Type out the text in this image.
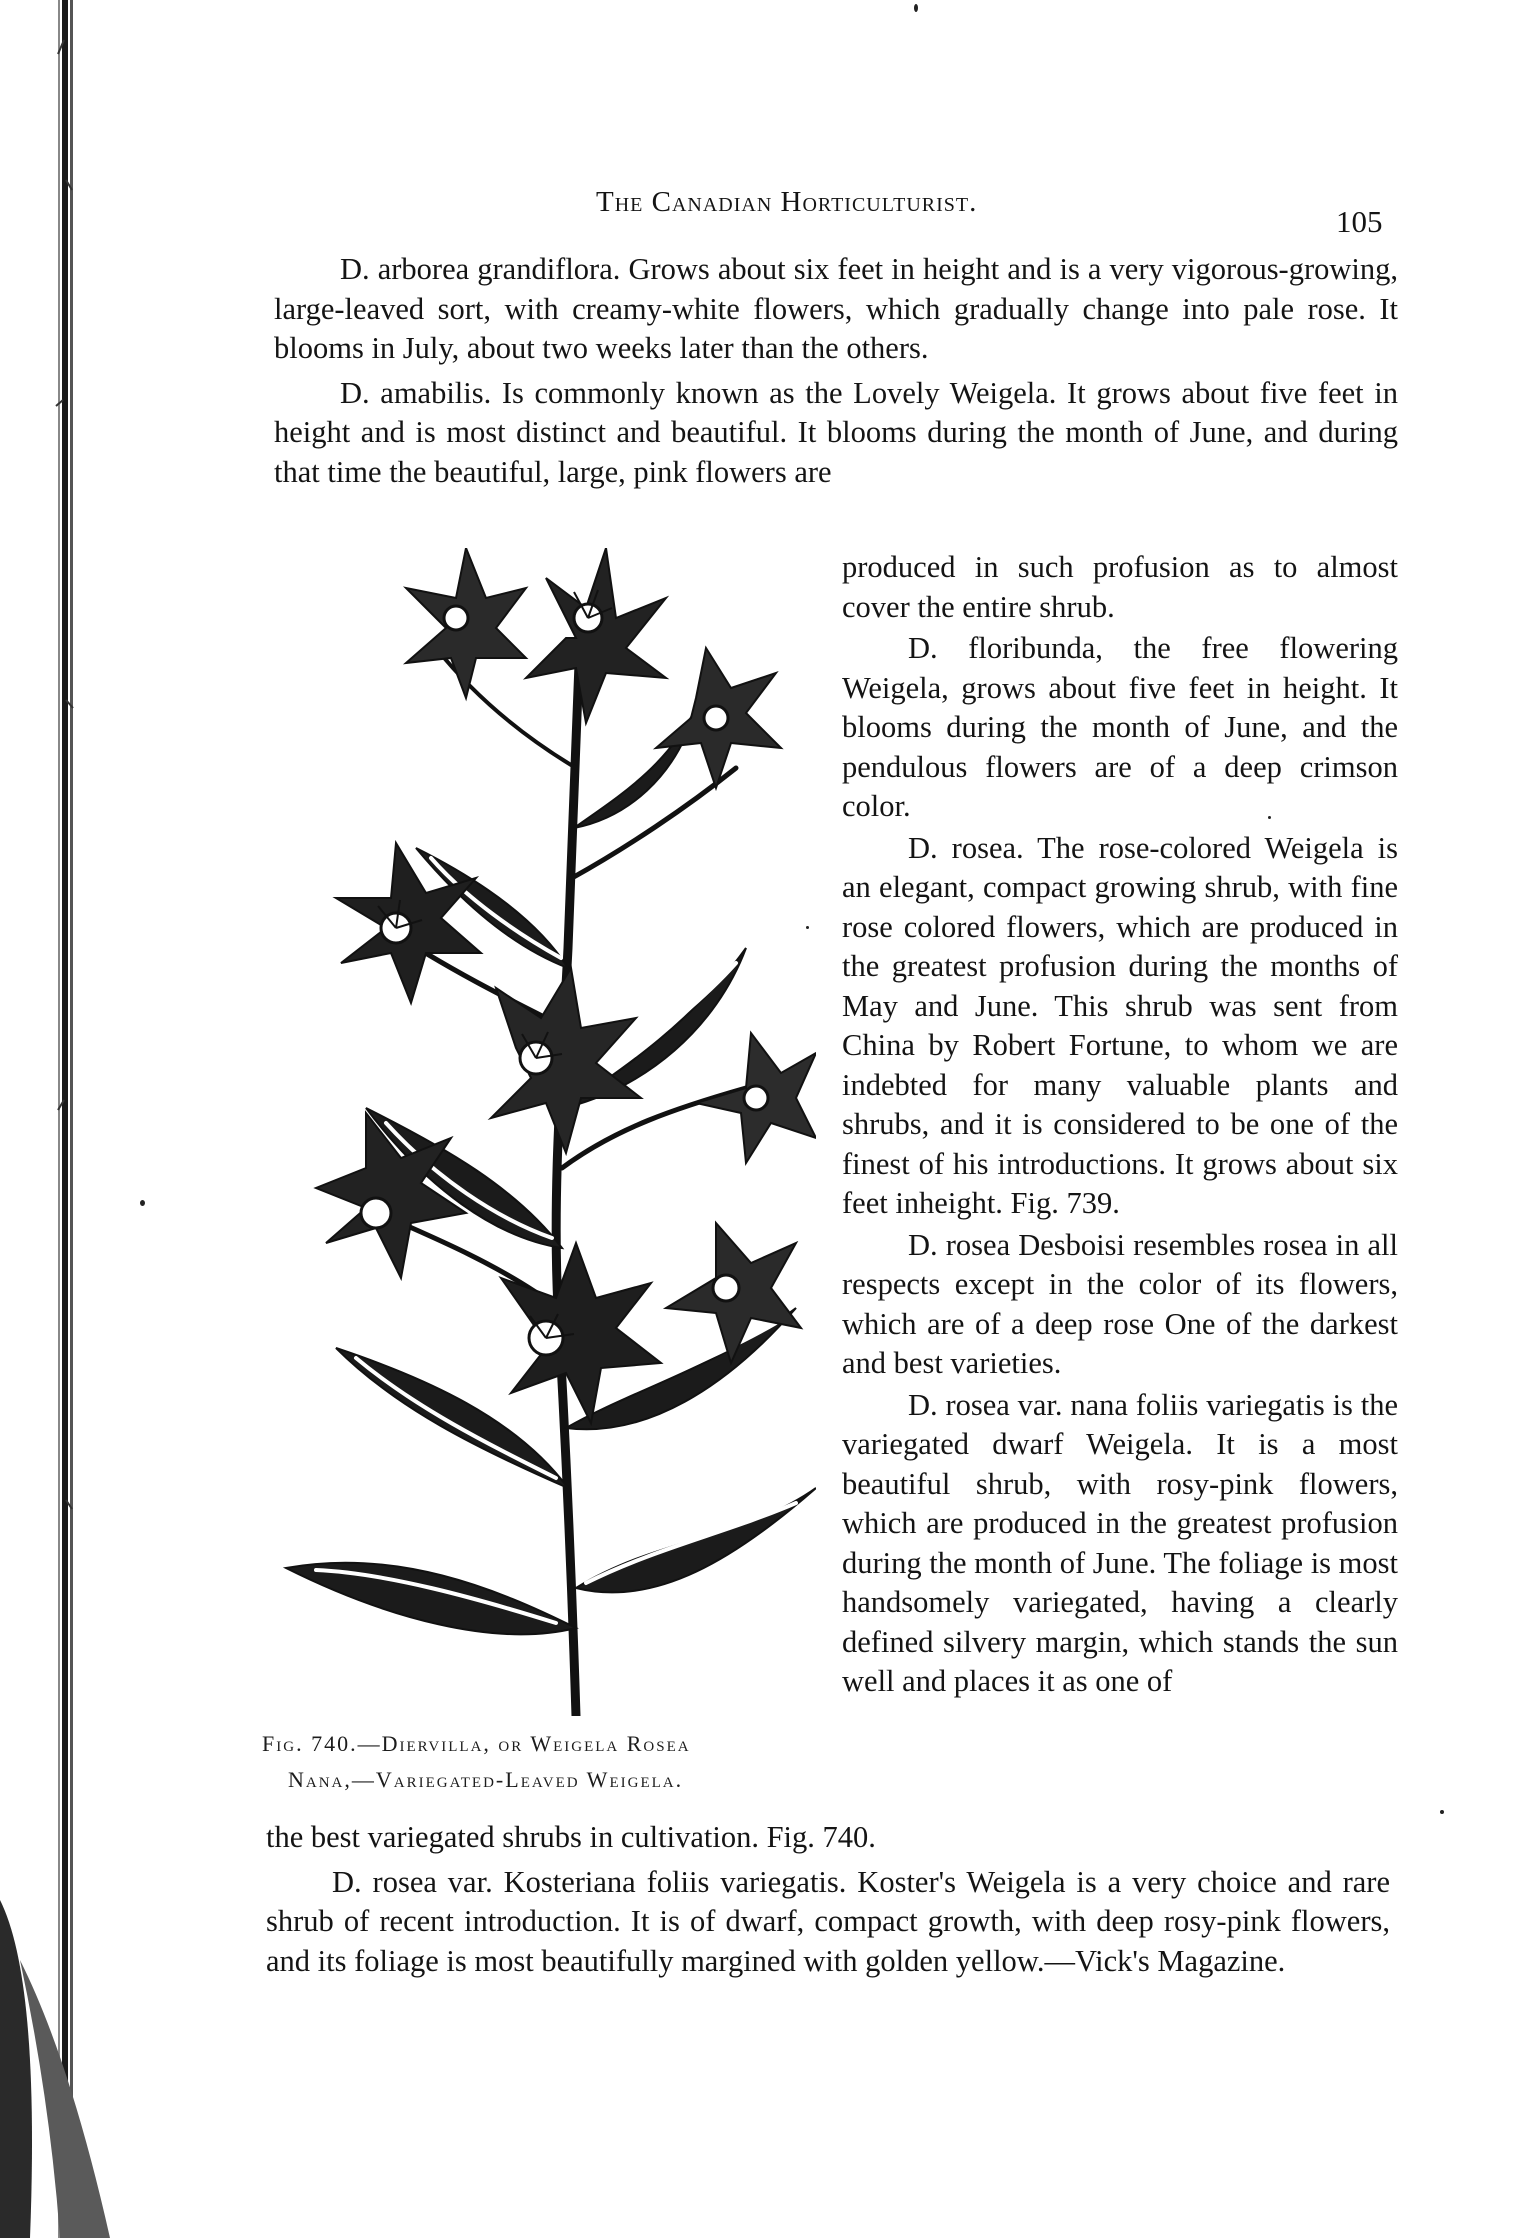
The Canadian Horticulturist.
105

D. arborea grandiflora. Grows about six feet in height and is a very vigorous-growing, large-leaved sort, with creamy-white flowers, which gradually change into pale rose. It blooms in July, about two weeks later than the others.

D. amabilis. Is commonly known as the Lovely Weigela. It grows about five feet in height and is most distinct and beautiful. It blooms during the month of June, and during that time the beautiful, large, pink flowers are

produced in such profusion as to almost cover the entire shrub.

D. floribunda, the free flowering Weigela, grows about five feet in height. It blooms during the month of June, and the pendulous flowers are of a deep crimson color.

D. rosea. The rose-colored Weigela is an elegant, compact growing shrub, with fine rose colored flowers, which are produced in the greatest profusion during the months of May and June. This shrub was sent from China by Robert Fortune, to whom we are indebted for many valuable plants and shrubs, and it is considered to be one of the finest of his introductions. It grows about six feet inheight. Fig. 739.

D. rosea Desboisi resembles rosea in all respects except in the color of its flowers, which are of a deep rose One of the darkest and best varieties.

D. rosea var. nana foliis variegatis is the variegated dwarf Weigela. It is a most beautiful shrub, with rosy-pink flowers, which are produced in the greatest profusion during the month of June. The foliage is most handsomely variegated, having a clearly defined silvery margin, which stands the sun well and places it as one of

Fig. 740.—Diervilla, or Weigela Rosea
Nana,—Variegated-Leaved Weigela.

the best variegated shrubs in cultivation. Fig. 740.

D. rosea var. Kosteriana foliis variegatis. Koster's Weigela is a very choice and rare shrub of recent introduction. It is of dwarf, compact growth, with deep rosy-pink flowers, and its foliage is most beautifully margined with golden yellow.—Vick's Magazine.
